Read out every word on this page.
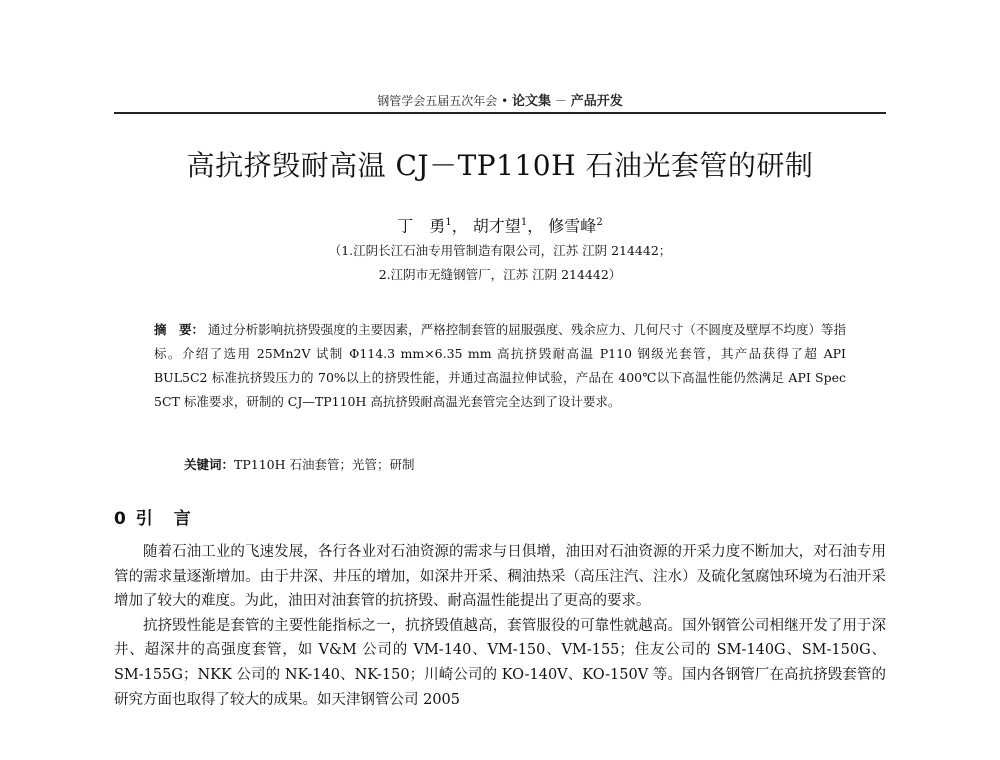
钢管学会五届五次年会 • 论文集 － 产品开发
高抗挤毁耐高温 CJ－TP110H 石油光套管的研制
丁　勇$^1$， 胡才望$^1$， 修雪峰$^2$
（1.江阴长江石油专用管制造有限公司，江苏 江阴 214442；
2.江阴市无缝钢管厂，江苏 江阴 214442）
摘　要： 通过分析影响抗挤毁强度的主要因素，严格控制套管的屈服强度、残余应力、几何尺寸（不圆度及壁厚不均度）等指标。介绍了选用 25Mn2V 试制 Φ114.3 mm×6.35 mm 高抗挤毁耐高温 P110 钢级光套管，其产品获得了超 API BUL5C2 标准抗挤毁压力的 70%以上的挤毁性能，并通过高温拉伸试验，产品在 400℃以下高温性能仍然满足 API Spec 5CT 标准要求，研制的 CJ—TP110H 高抗挤毁耐高温光套管完全达到了设计要求。
关键词：TP110H 石油套管；光管；研制
0 引　言

随着石油工业的飞速发展，各行各业对石油资源的需求与日俱增，油田对石油资源的开采力度不断加大，对石油专用管的需求量逐渐增加。由于井深、井压的增加，如深井开采、稠油热采（高压注汽、注水）及硫化氢腐蚀环境为石油开采增加了较大的难度。为此，油田对油套管的抗挤毁、耐高温性能提出了更高的要求。

抗挤毁性能是套管的主要性能指标之一，抗挤毁值越高，套管服役的可靠性就越高。国外钢管公司相继开发了用于深井、超深井的高强度套管，如 V&M 公司的 VM-140、VM-150、VM-155；住友公司的 SM-140G、SM-150G、SM-155G；NKK 公司的 NK-140、NK-150；川崎公司的 KO-140V、KO-150V 等。国内各钢管厂在高抗挤毁套管的研究方面也取得了较大的成果。如天津钢管公司 2005
